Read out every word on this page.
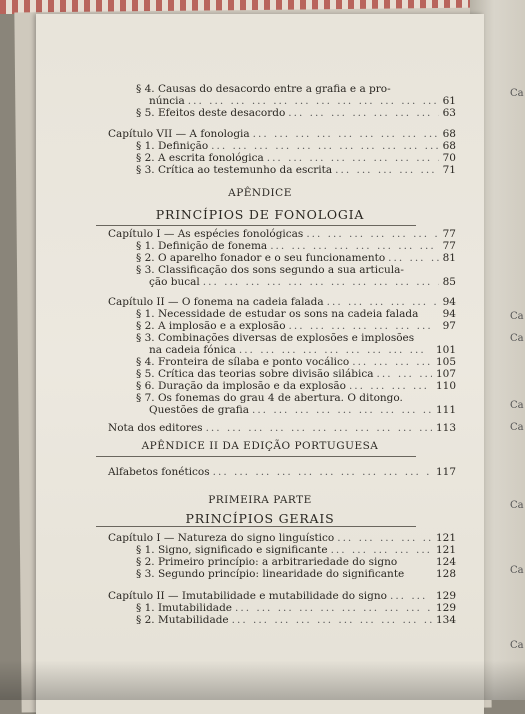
Ca
Ca
Ca
Ca
Ca
Ca
Ca
Ca
APÊNDICE
PRINCÍPIOS DE FONOLOGIA
APÊNDICE II DA EDIÇÃO PORTUGUESA
PRIMEIRA PARTE
PRINCÍPIOS GERAIS
§ 4. Causas do desacordo entre a grafia e a pro-
núncia ... .	61
§ 5. Efeitos deste desacordo ... .	63
Capítulo VII — A fonologia ... .	68
§ 1. Definição ... .	68
§ 2. A escrita fonológica ... .	70
§ 3. Crítica ao testemunho da escrita ... .	71
Capítulo I — As espécies fonológicas ... .	77
§ 1. Definição de fonema ... .	77
§ 2. O aparelho fonador e o seu funcionamento ... .	81
§ 3. Classificação dos sons segundo a sua articula-
ção bucal ... .	85
Capítulo II — O fonema na cadeia falada ... .	94
§ 1. Necessidade de estudar os sons na cadeia falada	94
§ 2. A implosão e a explosão ... .	97
§ 3. Combinações diversas de explosões e implosões
na cadeia fónica ... .	101
§ 4. Fronteira de sílaba e ponto vocálico ... .	105
§ 5. Crítica das teorias sobre divisão silábica ... .	107
§ 6. Duração da implosão e da explosão ... .	110
§ 7. Os fonemas do grau 4 de abertura. O ditongo.
Questões de grafia ... .	111
Nota dos editores ... .	113
Alfabetos fonéticos ... .	117
Capítulo I — Natureza do signo linguístico ... .	121
§ 1. Signo, significado e significante ... .	121
§ 2. Primeiro princípio: a arbitrariedade do signo	124
§ 3. Segundo princípio: linearidade do significante	128
Capítulo II — Imutabilidade e mutabilidade do signo ... .	129
§ 1. Imutabilidade ... .	129
§ 2. Mutabilidade ... .	134
